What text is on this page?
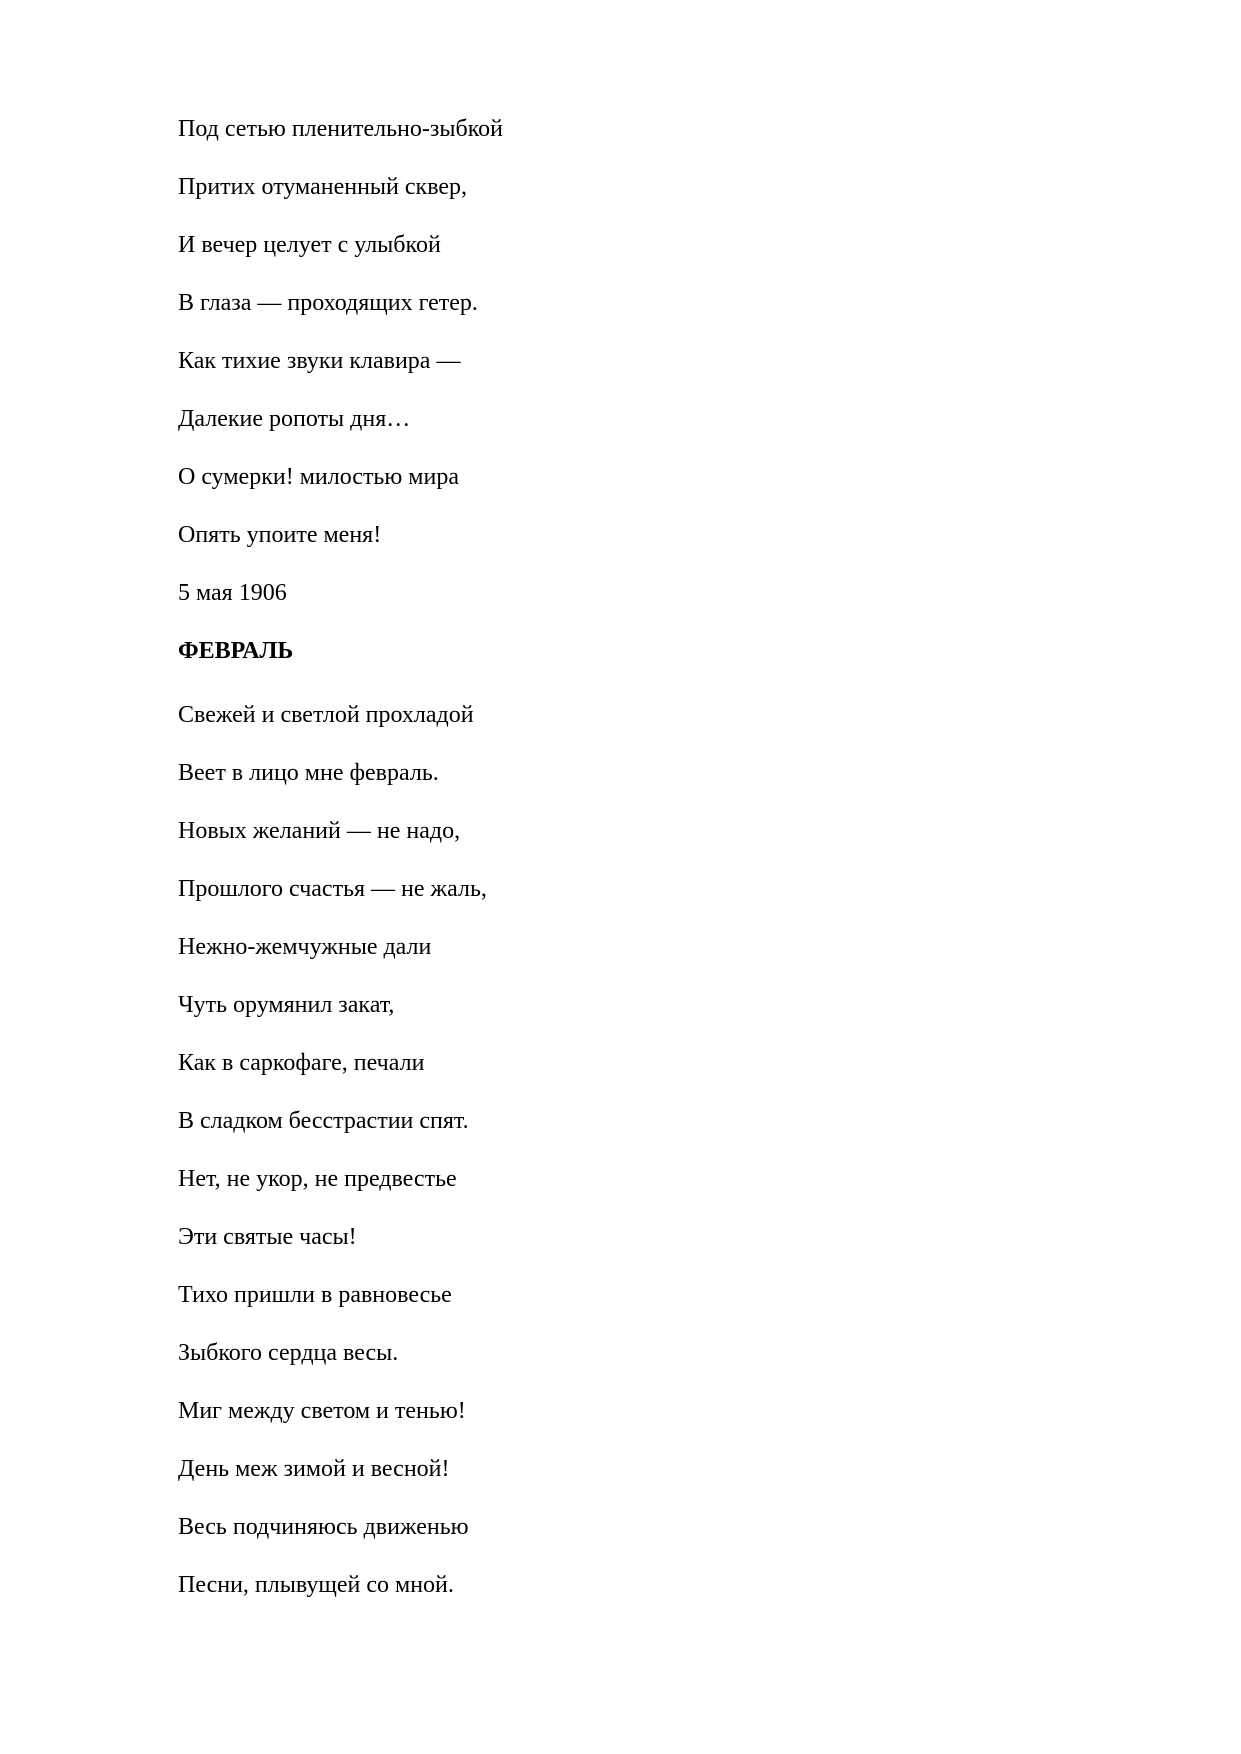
Под сетью пленительно-зыбкой

Притих отуманенный сквер,

И вечер целует с улыбкой

В глаза — проходящих гетер.

Как тихие звуки клавира —

Далекие ропоты дня…

О сумерки! милостью мира

Опять упоите меня!

5 мая 1906

ФЕВРАЛЬ

Свежей и светлой прохладой

Веет в лицо мне февраль.

Новых желаний — не надо,

Прошлого счастья — не жаль,

Нежно-жемчужные дали

Чуть орумянил закат,

Как в саркофаге, печали

В сладком бесстрастии спят.

Нет, не укор, не предвестье

Эти святые часы!

Тихо пришли в равновесье

Зыбкого сердца весы.

Миг между светом и тенью!

День меж зимой и весной!

Весь подчиняюсь движенью

Песни, плывущей со мной.
